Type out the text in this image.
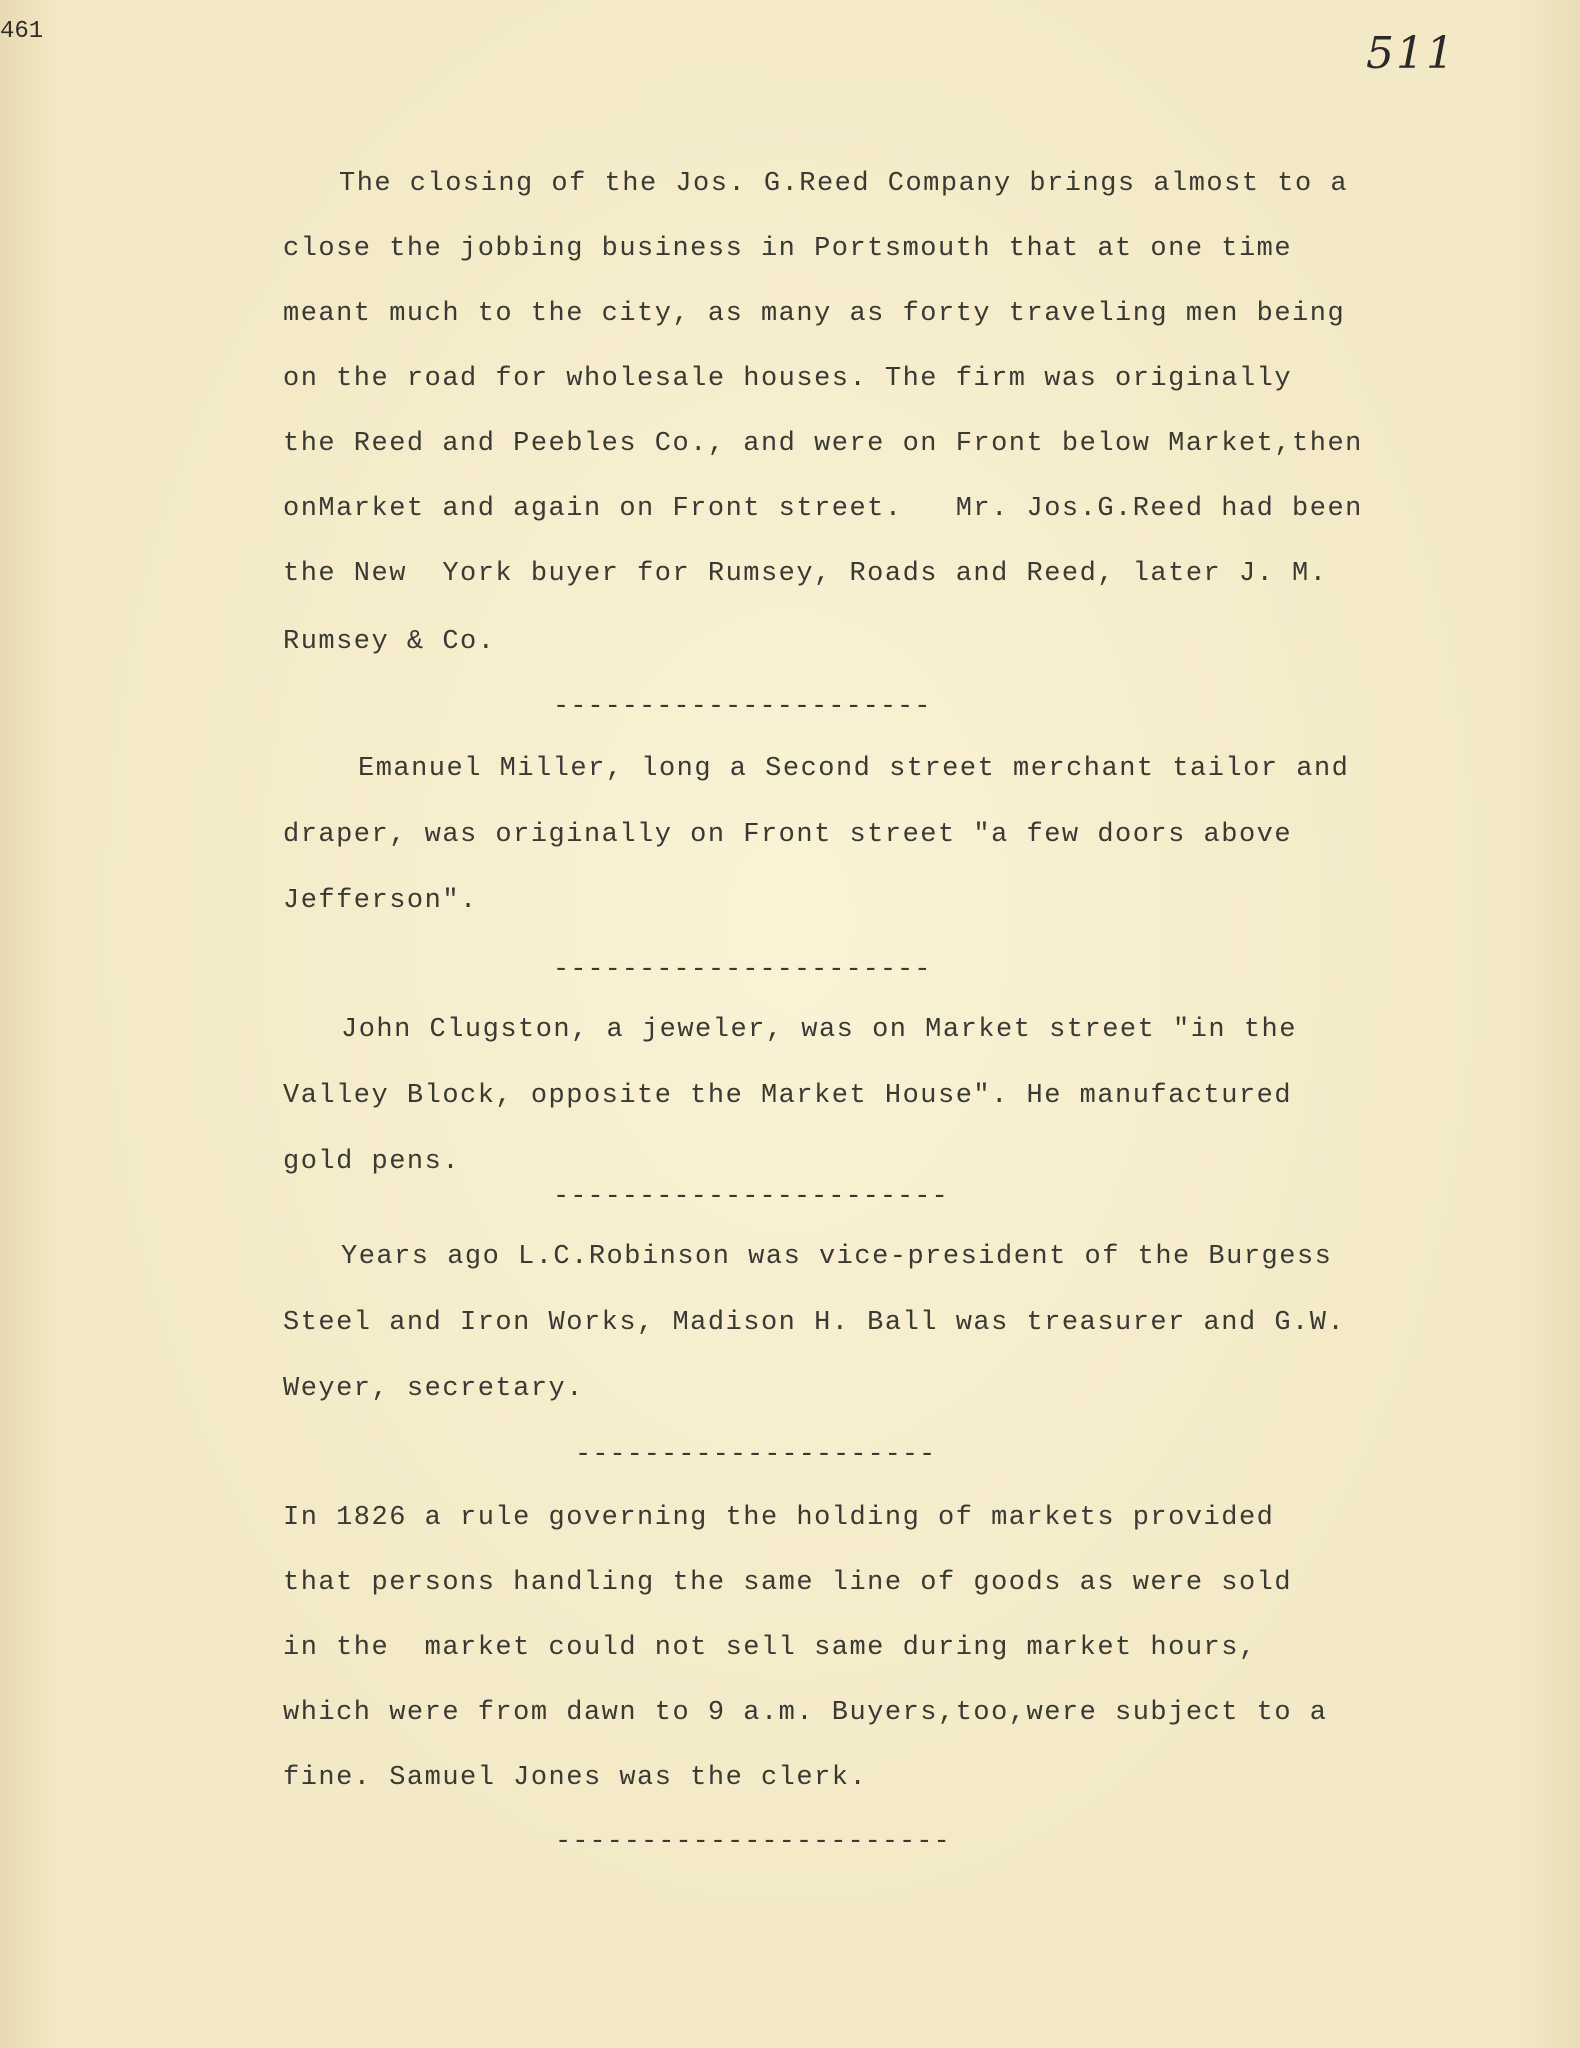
461	511
The closing of the Jos. G.Reed Company brings almost to a
close the jobbing business in Portsmouth that at one time
meant much to the city, as many as forty traveling men being
on the road for wholesale houses. The firm was originally
the Reed and Peebles Co., and were on Front below Market,then
onMarket and again on Front street.   Mr. Jos.G.Reed had been
the New  York buyer for Rumsey, Roads and Reed, later J. M.
Rumsey & Co.
----------------------
Emanuel Miller, long a Second street merchant tailor and
draper, was originally on Front street "a few doors above
Jefferson".
----------------------
John Clugston, a jeweler, was on Market street "in the
Valley Block, opposite the Market House". He manufactured
gold pens.
-----------------------
Years ago L.C.Robinson was vice-president of the Burgess
Steel and Iron Works, Madison H. Ball was treasurer and G.W.
Weyer, secretary.
---------------------
In 1826 a rule governing the holding of markets provided
that persons handling the same line of goods as were sold
in the  market could not sell same during market hours,
which were from dawn to 9 a.m. Buyers,too,were subject to a
fine. Samuel Jones was the clerk.
-----------------------
